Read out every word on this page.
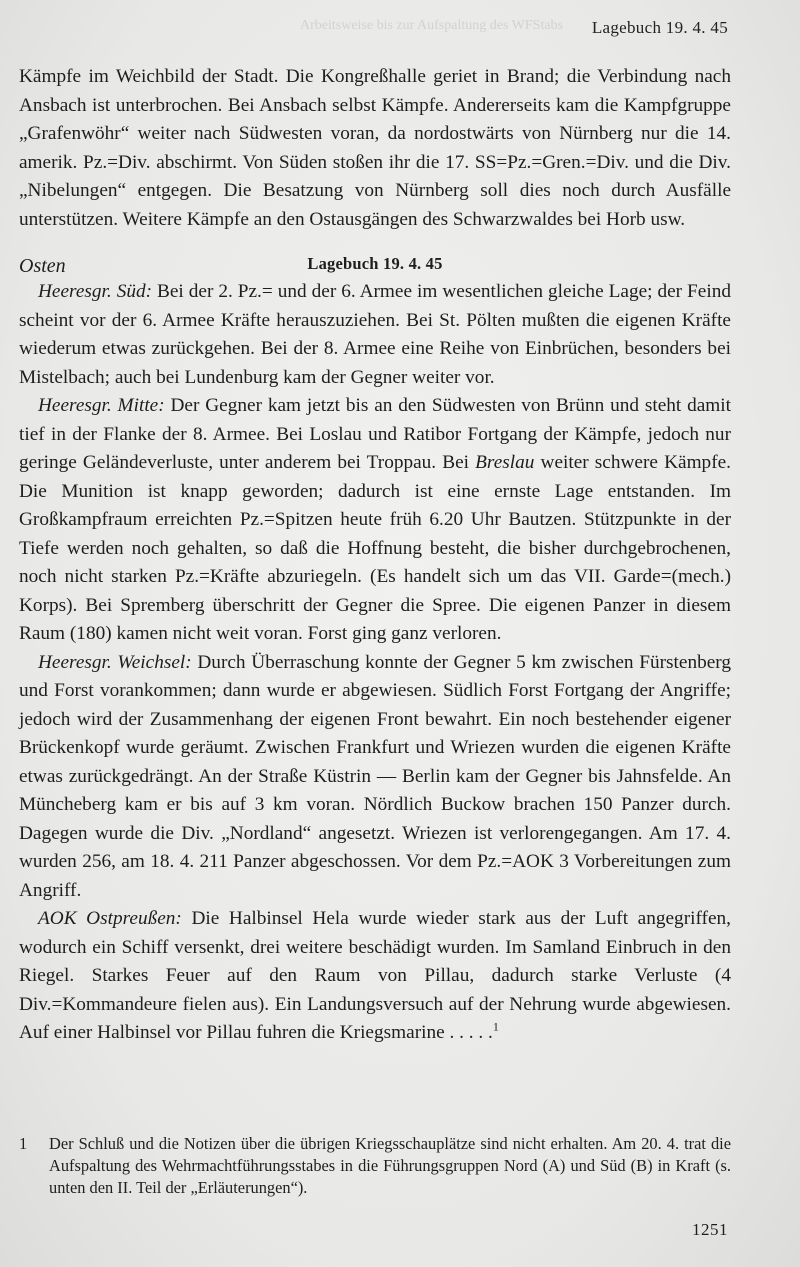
Arbeitsweise bis zur Aufspaltung des WFStabs Lagebuch 19. 4. 45

Kämpfe im Weichbild der Stadt. Die Kongreßhalle geriet in Brand; die Verbindung nach Ansbach ist unterbrochen. Bei Ansbach selbst Kämpfe. Andererseits kam die Kampfgruppe „Grafenwöhr“ weiter nach Südwesten voran, da nordostwärts von Nürnberg nur die 14. amerik. Pz.=Div. abschirmt. Von Süden stoßen ihr die 17. SS=Pz.=Gren.=Div. und die Div. „Nibelungen“ entgegen. Die Besatzung von Nürnberg soll dies noch durch Ausfälle unterstützen. Weitere Kämpfe an den Ostausgängen des Schwarzwaldes bei Horb usw.

Osten	Lagebuch 19. 4. 45

Heeresgr. Süd: Bei der 2. Pz.= und der 6. Armee im wesentlichen gleiche Lage; der Feind scheint vor der 6. Armee Kräfte herauszuziehen. Bei St. Pölten mußten die eigenen Kräfte wiederum etwas zurückgehen. Bei der 8. Armee eine Reihe von Einbrüchen, besonders bei Mistelbach; auch bei Lundenburg kam der Gegner weiter vor.

Heeresgr. Mitte: Der Gegner kam jetzt bis an den Südwesten von Brünn und steht damit tief in der Flanke der 8. Armee. Bei Loslau und Ratibor Fortgang der Kämpfe, jedoch nur geringe Geländeverluste, unter anderem bei Troppau. Bei Breslau weiter schwere Kämpfe. Die Munition ist knapp geworden; dadurch ist eine ernste Lage entstanden. Im Großkampfraum erreichten Pz.=Spitzen heute früh 6.20 Uhr Bautzen. Stützpunkte in der Tiefe werden noch gehalten, so daß die Hoffnung besteht, die bisher durchgebrochenen, noch nicht starken Pz.=Kräfte abzuriegeln. (Es handelt sich um das VII. Garde=(mech.) Korps). Bei Spremberg überschritt der Gegner die Spree. Die eigenen Panzer in diesem Raum (180) kamen nicht weit voran. Forst ging ganz verloren.

Heeresgr. Weichsel: Durch Überraschung konnte der Gegner 5 km zwischen Fürstenberg und Forst vorankommen; dann wurde er abgewiesen. Südlich Forst Fortgang der Angriffe; jedoch wird der Zusammenhang der eigenen Front bewahrt. Ein noch bestehender eigener Brückenkopf wurde geräumt. Zwischen Frankfurt und Wriezen wurden die eigenen Kräfte etwas zurückgedrängt. An der Straße Küstrin — Berlin kam der Gegner bis Jahnsfelde. An Müncheberg kam er bis auf 3 km voran. Nördlich Buckow brachen 150 Panzer durch. Dagegen wurde die Div. „Nordland“ angesetzt. Wriezen ist verlorengegangen. Am 17. 4. wurden 256, am 18. 4. 211 Panzer abgeschossen. Vor dem Pz.=AOK 3 Vorbereitungen zum Angriff.

AOK Ostpreußen: Die Halbinsel Hela wurde wieder stark aus der Luft angegriffen, wodurch ein Schiff versenkt, drei weitere beschädigt wurden. Im Samland Einbruch in den Riegel. Starkes Feuer auf den Raum von Pillau, dadurch starke Verluste (4 Div.=Kommandeure fielen aus). Ein Landungsversuch auf der Nehrung wurde abgewiesen. Auf einer Halbinsel vor Pillau fuhren die Kriegsmarine . . . . .$^1$

1 Der Schluß und die Notizen über die übrigen Kriegsschauplätze sind nicht erhalten. Am 20. 4. trat die Aufspaltung des Wehrmachtführungsstabes in die Führungsgruppen Nord (A) und Süd (B) in Kraft (s. unten den II. Teil der „Erläuterungen“).
1251
